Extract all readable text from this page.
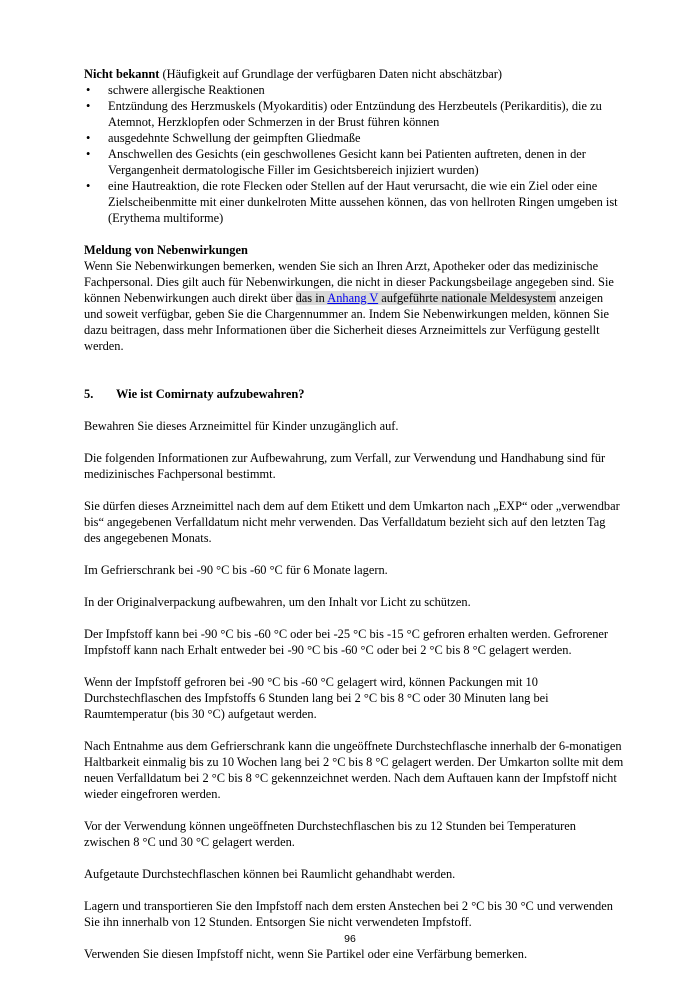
Nicht bekannt (Häufigkeit auf Grundlage der verfügbaren Daten nicht abschätzbar)

• schwere allergische Reaktionen
• Entzündung des Herzmuskels (Myokarditis) oder Entzündung des Herzbeutels (Perikarditis), die zu Atemnot, Herzklopfen oder Schmerzen in der Brust führen können
• ausgedehnte Schwellung der geimpften Gliedmaße
• Anschwellen des Gesichts (ein geschwollenes Gesicht kann bei Patienten auftreten, denen in der Vergangenheit dermatologische Filler im Gesichtsbereich injiziert wurden)
• eine Hautreaktion, die rote Flecken oder Stellen auf der Haut verursacht, die wie ein Ziel oder eine Zielscheibenmitte mit einer dunkelroten Mitte aussehen können, das von hellroten Ringen umgeben ist (Erythema multiforme)

Meldung von Nebenwirkungen

Wenn Sie Nebenwirkungen bemerken, wenden Sie sich an Ihren Arzt, Apotheker oder das medizinische Fachpersonal. Dies gilt auch für Nebenwirkungen, die nicht in dieser Packungsbeilage angegeben sind. Sie können Nebenwirkungen auch direkt über das in Anhang V aufgeführte nationale Meldesystem anzeigen und soweit verfügbar, geben Sie die Chargennummer an. Indem Sie Nebenwirkungen melden, können Sie dazu beitragen, dass mehr Informationen über die Sicherheit dieses Arzneimittels zur Verfügung gestellt werden.

5.	Wie ist Comirnaty aufzubewahren?

Bewahren Sie dieses Arzneimittel für Kinder unzugänglich auf.

Die folgenden Informationen zur Aufbewahrung, zum Verfall, zur Verwendung und Handhabung sind für medizinisches Fachpersonal bestimmt.

Sie dürfen dieses Arzneimittel nach dem auf dem Etikett und dem Umkarton nach „EXP“ oder „verwendbar bis“ angegebenen Verfalldatum nicht mehr verwenden. Das Verfalldatum bezieht sich auf den letzten Tag des angegebenen Monats.

Im Gefrierschrank bei -90 °C bis -60 °C für 6 Monate lagern.

In der Originalverpackung aufbewahren, um den Inhalt vor Licht zu schützen.

Der Impfstoff kann bei -90 °C bis -60 °C oder bei -25 °C bis -15 °C gefroren erhalten werden. Gefrorener Impfstoff kann nach Erhalt entweder bei -90 °C bis -60 °C oder bei 2 °C bis 8 °C gelagert werden.

Wenn der Impfstoff gefroren bei -90 °C bis -60 °C gelagert wird, können Packungen mit 10 Durchstechflaschen des Impfstoffs 6 Stunden lang bei 2 °C bis 8 °C oder 30 Minuten lang bei Raumtemperatur (bis 30 °C) aufgetaut werden.

Nach Entnahme aus dem Gefrierschrank kann die ungeöffnete Durchstechflasche innerhalb der 6-monatigen Haltbarkeit einmalig bis zu 10 Wochen lang bei 2 °C bis 8 °C gelagert werden. Der Umkarton sollte mit dem neuen Verfalldatum bei 2 °C bis 8 °C gekennzeichnet werden. Nach dem Auftauen kann der Impfstoff nicht wieder eingefroren werden.

Vor der Verwendung können ungeöffneten Durchstechflaschen bis zu 12 Stunden bei Temperaturen zwischen 8 °C und 30 °C gelagert werden.

Aufgetaute Durchstechflaschen können bei Raumlicht gehandhabt werden.

Lagern und transportieren Sie den Impfstoff nach dem ersten Anstechen bei 2 °C bis 30 °C und verwenden Sie ihn innerhalb von 12 Stunden. Entsorgen Sie nicht verwendeten Impfstoff.

Verwenden Sie diesen Impfstoff nicht, wenn Sie Partikel oder eine Verfärbung bemerken.

96
